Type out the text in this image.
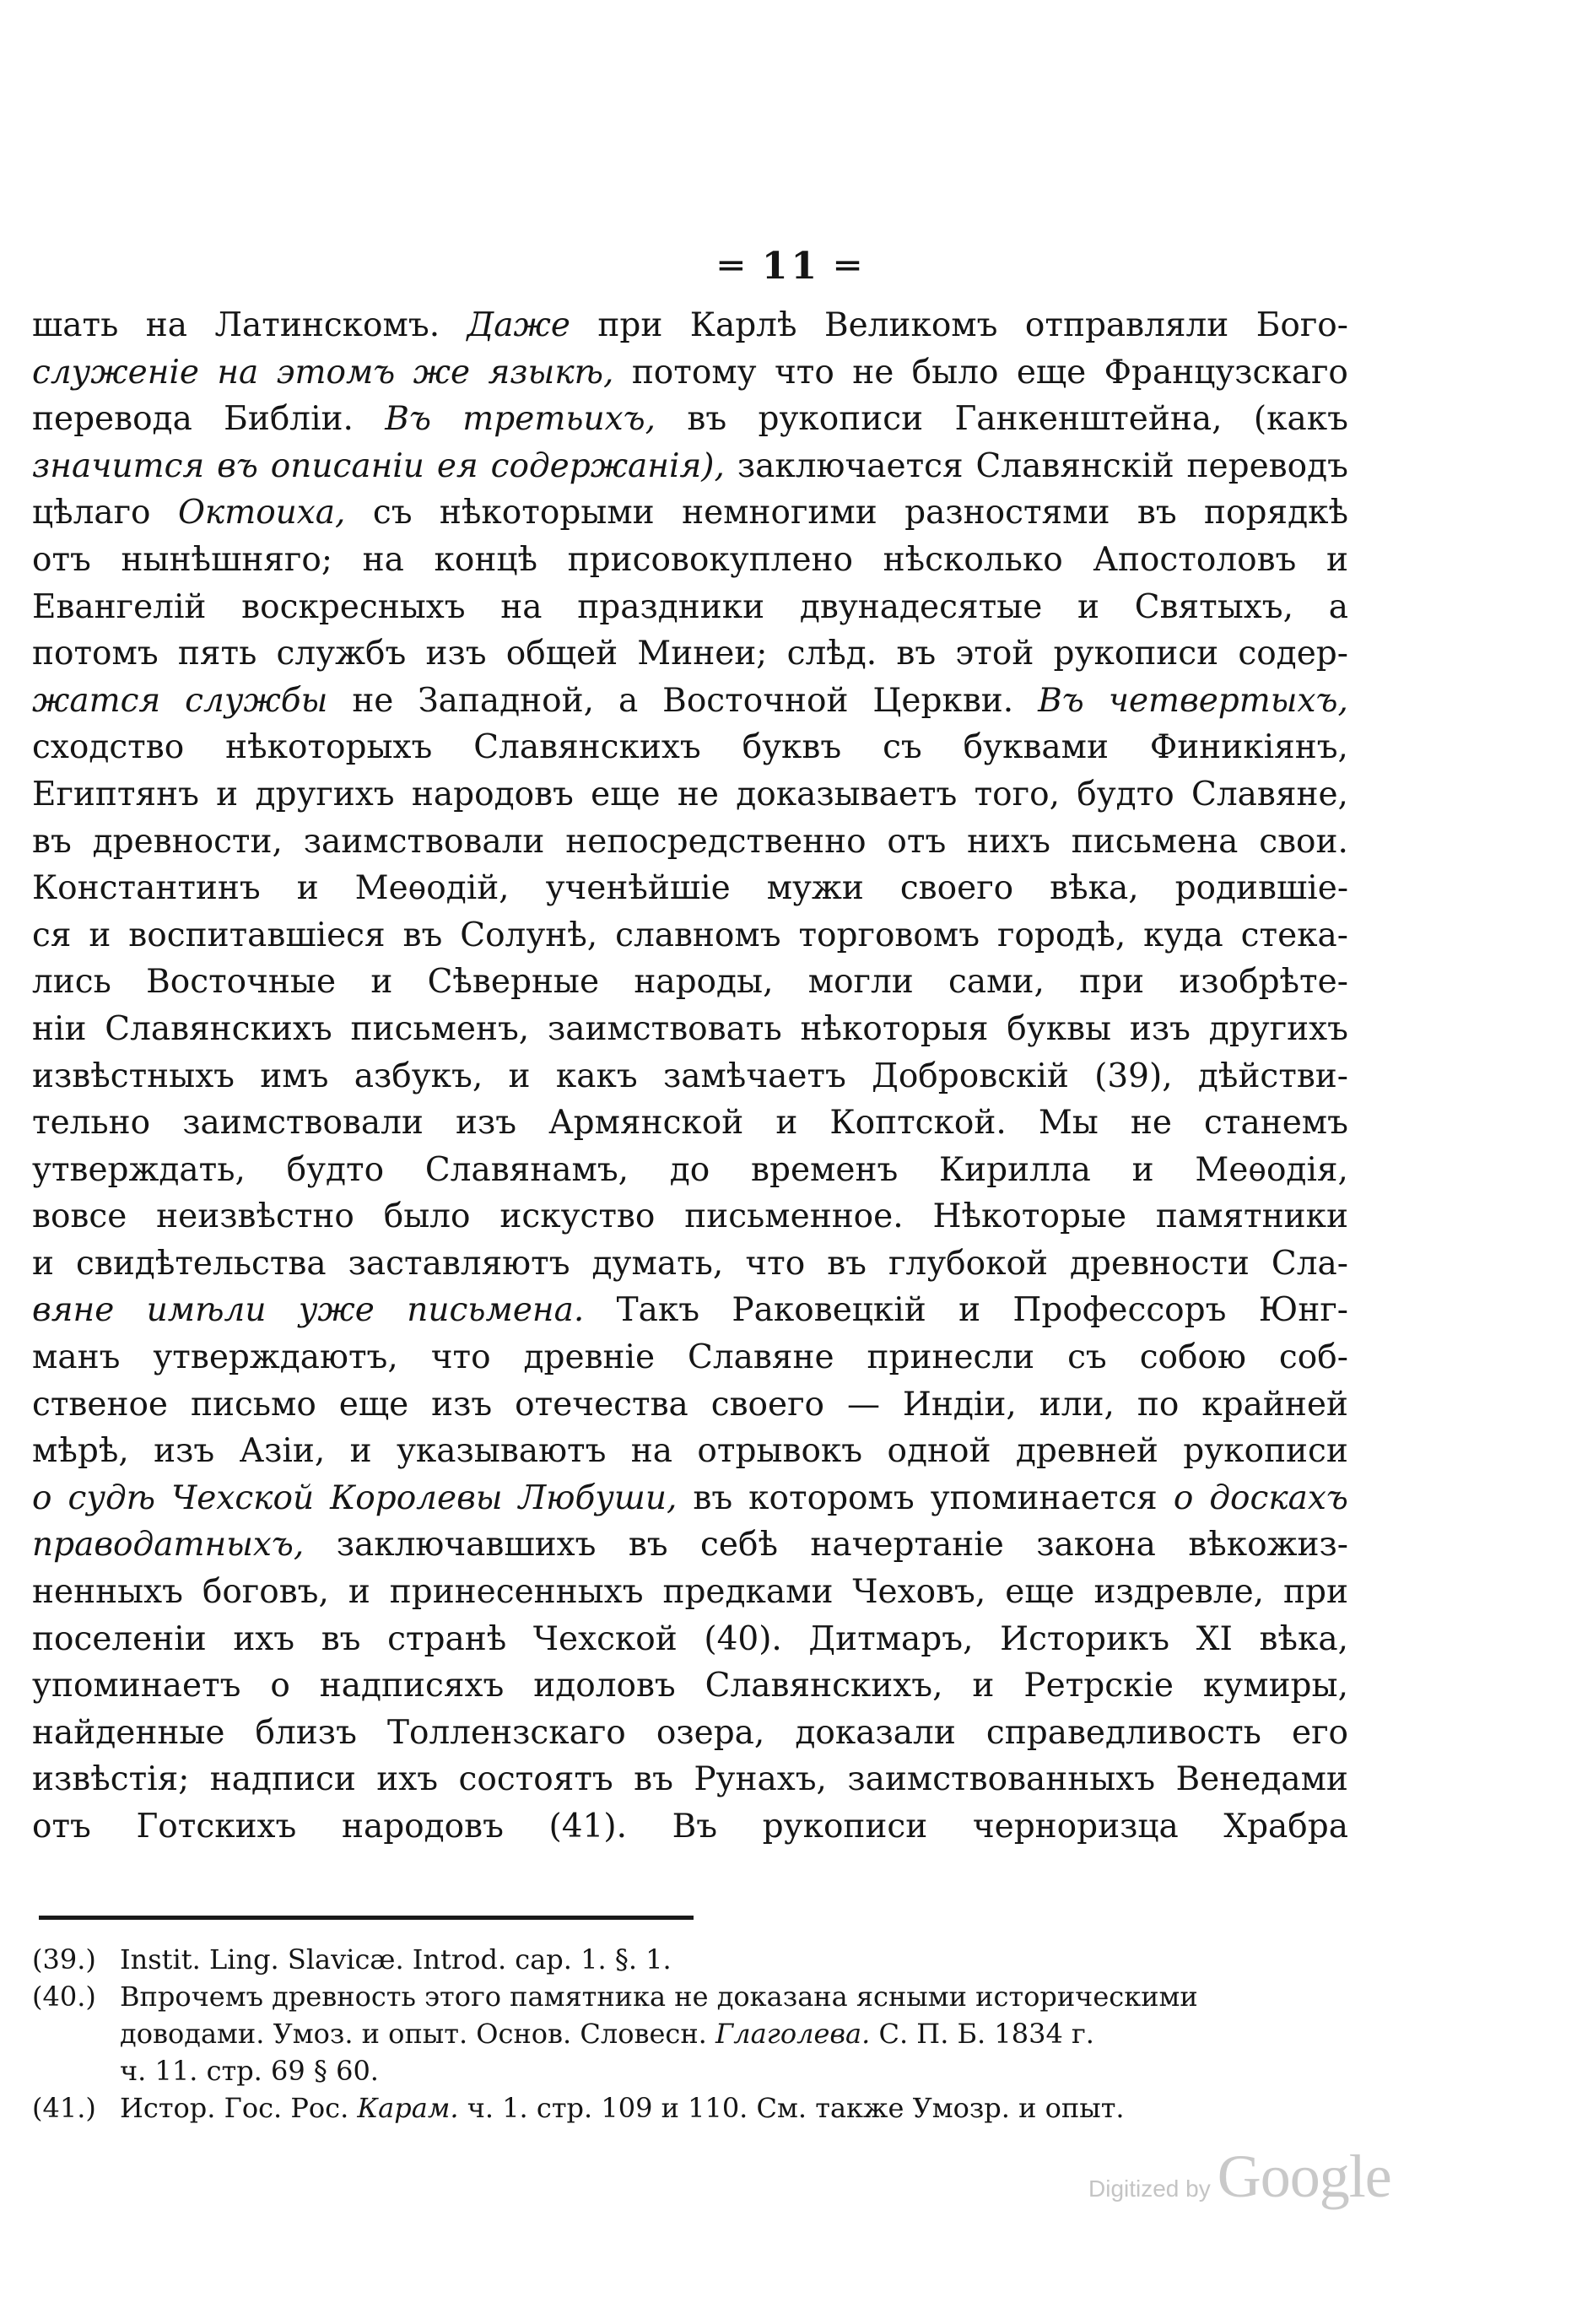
═ 11 ═
шать на Латинскомъ. Даже при Карлѣ Великомъ отправляли Бого-
служеніе на этомъ же языкѣ, потому что не было еще Французскаго
перевода Библіи. Въ третьихъ, въ рукописи Ганкенштейна, (какъ
значится въ описаніи ея содержанія), заключается Славянскій переводъ
цѣлаго Октоиха, съ нѣкоторыми немногими разностями въ порядкѣ
отъ нынѣшняго; на концѣ присовокуплено нѣсколько Апостоловъ и
Евангелій воскресныхъ на праздники двунадесятые и Святыхъ, а
потомъ пять службъ изъ общей Минеи; слѣд. въ этой рукописи содер-
жатся службы не Западной, а Восточной Церкви. Въ четвертыхъ,
сходство нѣкоторыхъ Славянскихъ буквъ съ буквами Финикіянъ,
Египтянъ и другихъ народовъ еще не доказываетъ того, будто Славяне,
въ древности, заимствовали непосредственно отъ нихъ письмена свои.
Константинъ и Меѳодій, ученѣйшіе мужи своего вѣка, родившіе-
ся и воспитавшіеся въ Солунѣ, славномъ торговомъ городѣ, куда стека-
лись Восточные и Сѣверные народы, могли сами, при изобрѣте-
ніи Славянскихъ письменъ, заимствовать нѣкоторыя буквы изъ другихъ
извѣстныхъ имъ азбукъ, и какъ замѣчаетъ Добровскій (39), дѣйстви-
тельно заимствовали изъ Армянской и Коптской. Мы не станемъ
утверждать, будто Славянамъ, до временъ Кирилла и Меѳодія,
вовсе неизвѣстно было искуство письменное. Нѣкоторые памятники
и свидѣтельства заставляютъ думать, что въ глубокой древности Сла-
вяне имѣли уже письмена. Такъ Раковецкій и Профессоръ Юнг-
манъ утверждаютъ, что древніе Славяне принесли съ собою соб-
ственое письмо еще изъ отечества своего — Индіи, или, по крайней
мѣрѣ, изъ Азіи, и указываютъ на отрывокъ одной древней рукописи
о судѣ Чехской Королевы Любуши, въ которомъ упоминается о доскахъ
праводатныхъ, заключавшихъ въ себѣ начертаніе закона вѣкожиз-
ненныхъ боговъ, и принесенныхъ предками Чеховъ, еще издревле, при
поселеніи ихъ въ странѣ Чехской (40). Дитмаръ, Историкъ XI вѣка,
упоминаетъ о надписяхъ идоловъ Славянскихъ, и Ретрскіе кумиры,
найденные близъ Толлензскаго озера, доказали справедливость его
извѣстія; надписи ихъ состоятъ въ Рунахъ, заимствованныхъ Венедами
отъ Готскихъ народовъ (41). Въ рукописи черноризца Храбра
(39.) Instit. Ling. Slavicæ. Introd. cap. 1. §. 1.
(40.) Впрочемъ древность этого памятника не доказана ясными историческими
доводами. Умоз. и опыт. Основ. Словесн. Глаголева. С. П. Б. 1834 г.
ч. 11. стр. 69 § 60.
(41.) Истор. Гос. Рос. Карам. ч. 1. стр. 109 и 110. См. также Умозр. и опыт.
Digitized by Google
